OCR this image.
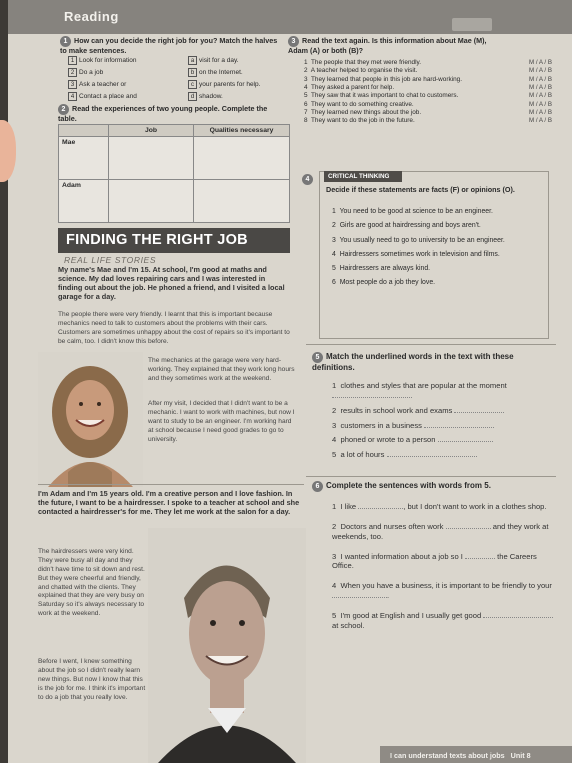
Reading
1 How can you decide the right job for you? Match the halves to make sentences.
1 Look for information
2 Do a job
3 Ask a teacher or
4 Contact a place and
a visit for a day.
b on the Internet.
c your parents for help.
d shadow.
2 Read the experiences of two young people. Complete the table.
	Job	Qualities necessary
Mae		
Adam		
3 Read the text again. Is this information about Mae (M), Adam (A) or both (B)?
1 The people that they met were friendly.	M / A / B
2 A teacher helped to organise the visit.	M / A / B
3 They learned that people in this job are hard-working.	M / A / B
4 They asked a parent for help.	M / A / B
5 They saw that it was important to chat to customers.	M / A / B
6 They want to do something creative.	M / A / B
7 They learned new things about the job.	M / A / B
8 They want to do the job in the future.	M / A / B
4	CRITICAL THINKING
Decide if these statements are facts (F) or opinions (O).
1 You need to be good at science to be an engineer.
2 Girls are good at hairdressing and boys aren't.
3 You usually need to go to university to be an engineer.
4 Hairdressers sometimes work in television and films.
5 Hairdressers are always kind.
6 Most people do a job they love.
FINDING THE RIGHT JOB
REAL LIFE STORIES
My name's Mae and I'm 15. At school, I'm good at maths and science. My dad loves repairing cars and I was interested in finding out about the job. He phoned a friend, and I visited a local garage for a day.
The people there were very friendly. I learnt that this is important because mechanics need to talk to customers about the problems with their cars. Customers are sometimes unhappy about the cost of repairs so it's important to be calm, too. I didn't know this before.
The mechanics at the garage were very hard-working. They explained that they work long hours and they sometimes work at the weekend.
After my visit, I decided that I didn't want to be a mechanic. I want to work with machines, but now I want to study to be an engineer. I'm working hard at school because I need good grades to go to university.
I'm Adam and I'm 15 years old. I'm a creative person and I love fashion. In the future, I want to be a hairdresser. I spoke to a teacher at school and she contacted a hairdresser's for me. They let me work at the salon for a day.
The hairdressers were very kind. They were busy all day and they didn't have time to sit down and rest. But they were cheerful and friendly, and chatted with the clients. They explained that they are very busy on Saturday so it's always necessary to work at the weekend.
Before I went, I knew something about the job so I didn't really learn new things. But now I know that this is the job for me. I think it's important to do a job that you really love.
5 Match the underlined words in the text with these definitions.
1 clothes and styles that are popular at the moment
2 results in school work and exams
3 customers in a business
4 phoned or wrote to a person
5 a lot of hours
6 Complete the sentences with words from 5.
1 I like	, but I don't want to work in a clothes shop.
2 Doctors and nurses often work	and they work at weekends, too.
3 I wanted information about a job so I	the Careers Office.
4 When you have a business, it is important to be friendly to your .
5 I'm good at English and I usually get good  at school.
I can understand texts about jobs Unit 8
